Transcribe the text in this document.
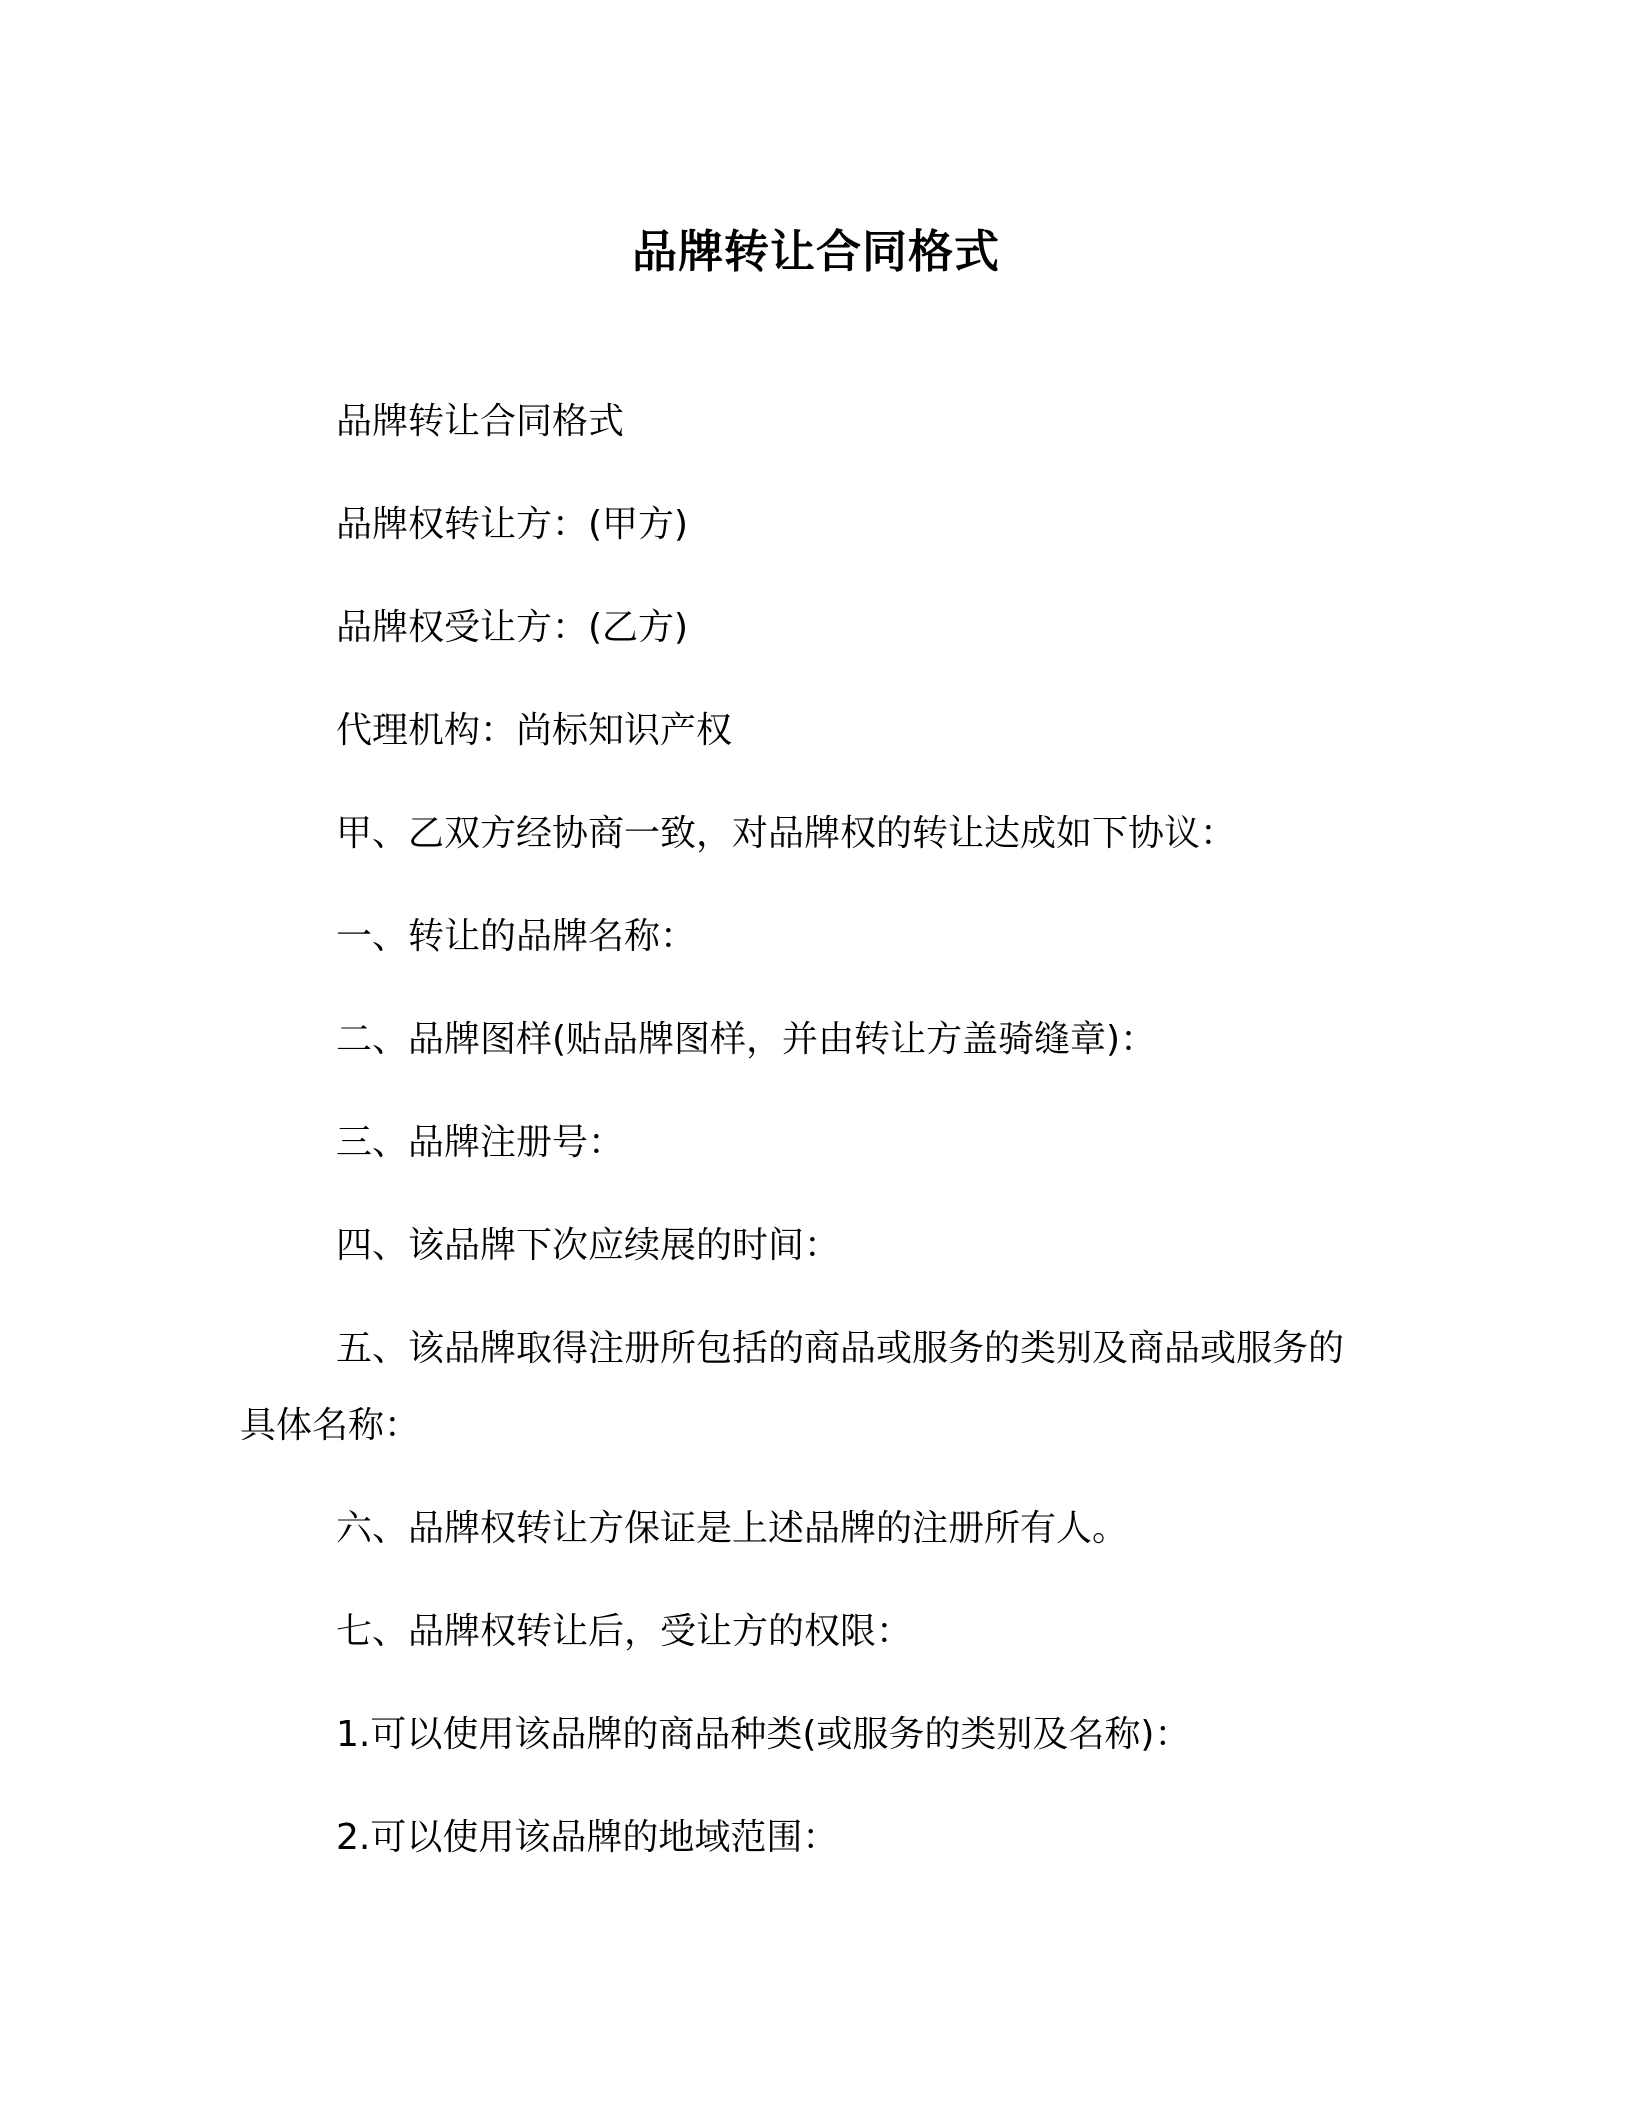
品牌转让合同格式
品牌转让合同格式
品牌权转让方：(甲方)
品牌权受让方：(乙方)
代理机构：尚标知识产权
甲、乙双方经协商一致，对品牌权的转让达成如下协议：
一、转让的品牌名称：
二、品牌图样(贴品牌图样，并由转让方盖骑缝章)：
三、品牌注册号：
四、该品牌下次应续展的时间：
五、该品牌取得注册所包括的商品或服务的类别及商品或服务的
具体名称：
六、品牌权转让方保证是上述品牌的注册所有人。
七、品牌权转让后，受让方的权限：
1.可以使用该品牌的商品种类(或服务的类别及名称)：
2.可以使用该品牌的地域范围：
